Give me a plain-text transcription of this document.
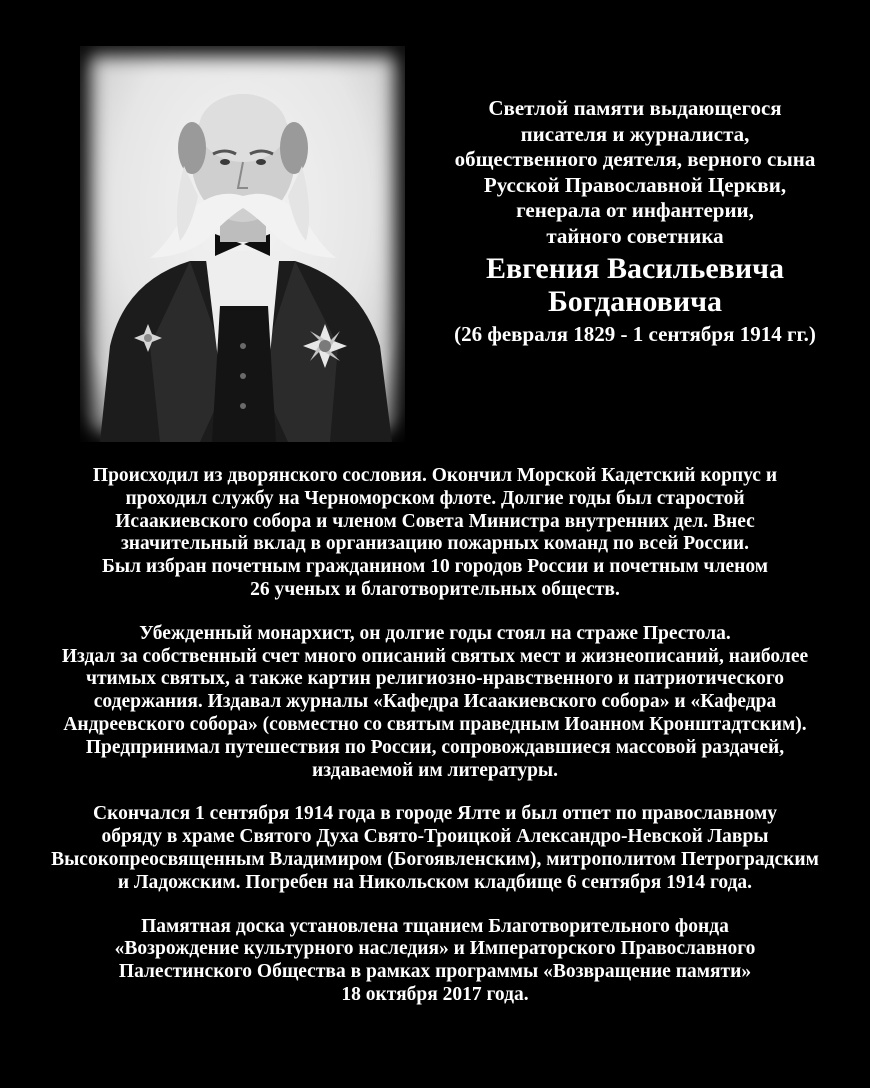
Светлой памяти выдающегося
писателя и журналиста,
общественного деятеля, верного сына
Русской Православной Церкви,
генерала от инфантерии,
тайного советника
Евгения Васильевича
Богдановича
(26 февраля 1829 - 1 сентября 1914 гг.)
Происходил из дворянского сословия. Окончил Морской Кадетский корпус и
проходил службу на Черноморском флоте. Долгие годы был старостой
Исаакиевского собора и членом Совета Министра внутренних дел. Внес
значительный вклад в организацию пожарных команд по всей России.
Был избран почетным гражданином 10 городов России и почетным членом
26 ученых и благотворительных обществ.
Убежденный монархист, он долгие годы стоял на страже Престола.
Издал за собственный счет много описаний святых мест и жизнеописаний, наиболее
чтимых святых, а также картин религиозно-нравственного и патриотического
содержания. Издавал журналы «Кафедра Исаакиевского собора» и «Кафедра
Андреевского собора» (совместно со святым праведным Иоанном Кронштадтским).
Предпринимал путешествия по России, сопровождавшиеся массовой раздачей,
издаваемой им литературы.
Скончался 1 сентября 1914 года в городе Ялте и был отпет по православному
обряду в храме Святого Духа Свято-Троицкой Александро-Невской Лавры
Высокопреосвященным Владимиром (Богоявленским), митрополитом Петроградским
и Ладожским. Погребен на Никольском кладбище 6 сентября 1914 года.
Памятная доска установлена тщанием Благотворительного фонда
«Возрождение культурного наследия» и Императорского Православного
Палестинского Общества в рамках программы «Возвращение памяти»
18 октября 2017 года.
